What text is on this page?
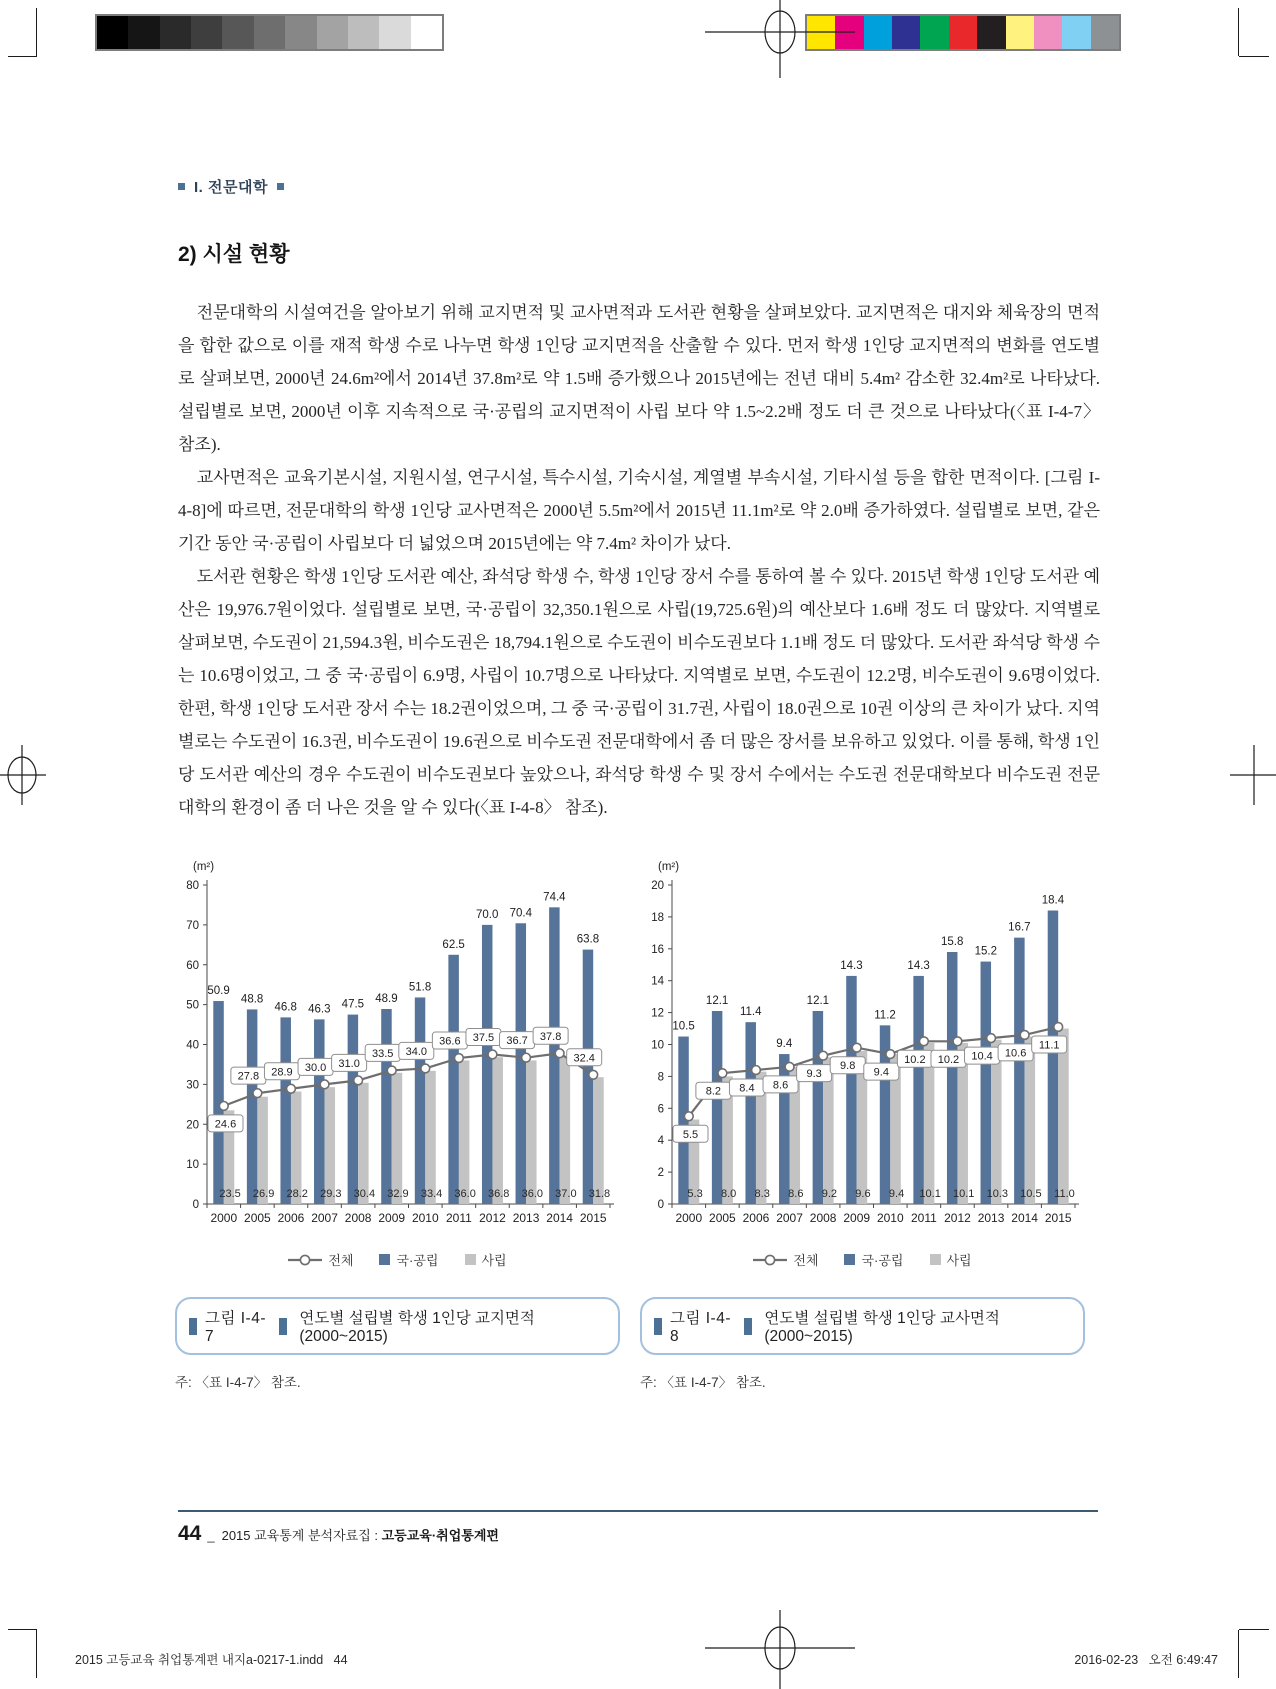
I. 전문대학
2) 시설 현황

전문대학의 시설여건을 알아보기 위해 교지면적 및 교사면적과 도서관 현황을 살펴보았다. 교지면적은 대지와 체육장의 면적을 합한 값으로 이를 재적 학생 수로 나누면 학생 1인당 교지면적을 산출할 수 있다. 먼저 학생 1인당 교지면적의 변화를 연도별로 살펴보면, 2000년 24.6m²에서 2014년 37.8m²로 약 1.5배 증가했으나 2015년에는 전년 대비 5.4m² 감소한 32.4m²로 나타났다. 설립별로 보면, 2000년 이후 지속적으로 국·공립의 교지면적이 사립 보다 약 1.5~2.2배 정도 더 큰 것으로 나타났다(〈표 I-4-7〉 참조).

교사면적은 교육기본시설, 지원시설, 연구시설, 특수시설, 기숙시설, 계열별 부속시설, 기타시설 등을 합한 면적이다. [그림 I-4-8]에 따르면, 전문대학의 학생 1인당 교사면적은 2000년 5.5m²에서 2015년 11.1m²로 약 2.0배 증가하였다. 설립별로 보면, 같은 기간 동안 국·공립이 사립보다 더 넓었으며 2015년에는 약 7.4m² 차이가 났다.

도서관 현황은 학생 1인당 도서관 예산, 좌석당 학생 수, 학생 1인당 장서 수를 통하여 볼 수 있다. 2015년 학생 1인당 도서관 예산은 19,976.7원이었다. 설립별로 보면, 국·공립이 32,350.1원으로 사립(19,725.6원)의 예산보다 1.6배 정도 더 많았다. 지역별로 살펴보면, 수도권이 21,594.3원, 비수도권은 18,794.1원으로 수도권이 비수도권보다 1.1배 정도 더 많았다. 도서관 좌석당 학생 수는 10.6명이었고, 그 중 국·공립이 6.9명, 사립이 10.7명으로 나타났다. 지역별로 보면, 수도권이 12.2명, 비수도권이 9.6명이었다. 한편, 학생 1인당 도서관 장서 수는 18.2권이었으며, 그 중 국·공립이 31.7권, 사립이 18.0권으로 10권 이상의 큰 차이가 났다. 지역별로는 수도권이 16.3권, 비수도권이 19.6권으로 비수도권 전문대학에서 좀 더 많은 장서를 보유하고 있었다. 이를 통해, 학생 1인당 도서관 예산의 경우 수도권이 비수도권보다 높았으나, 좌석당 학생 수 및 장서 수에서는 수도권 전문대학보다 비수도권 전문대학의 환경이 좀 더 나은 것을 알 수 있다(〈표 I-4-8〉 참조).

(m²)
0
10
20
30
40
50
60
70
80
50.9
23.5
2000
48.8
26.9
2005
46.8
28.2
2006
46.3
29.3
2007
47.5
30.4
2008
48.9
32.9
2009
51.8
33.4
2010
62.5
36.0
2011
70.0
36.8
2012
70.4
36.0
2013
74.4
37.0
2014
63.8
31.8
2015
24.6
27.8 28.9 30.0 31.0
33.5 34.0
36.6 37.5 36.7 37.8
32.4
전체	국·공립	사립
그림 I-4-7
연도별 설립별 학생 1인당 교지면적(2000~2015)
주: 〈표 I-4-7〉 참조.
(m²)
0
2
4
6
8
10
12
14
16
18
20
10.5
5.3
2000
12.1
8.0
2005
11.4
8.3
2006
9.4
8.6
2007
12.1
9.2
2008
14.3
9.6
2009
11.2
9.4
2010
14.3
10.1
2011
15.8
10.1
2012
15.2
10.3
2013
16.7
10.5
2014
18.4
11.0
2015
5.5
8.2 8.4 8.6
9.3
9.8
9.4
10.2 10.2 10.4 10.6
11.1
전체	국·공립	사립
그림 I-4-8
연도별 설립별 학생 1인당 교사면적(2000~2015)
주: 〈표 I-4-7〉 참조.
44 _ 2015 교육통계 분석자료집 : 고등교육·취업통계편
2015 고등교육 취업통계편 내지a-0217-1.indd   44	2016-02-23   오전 6:49:47
